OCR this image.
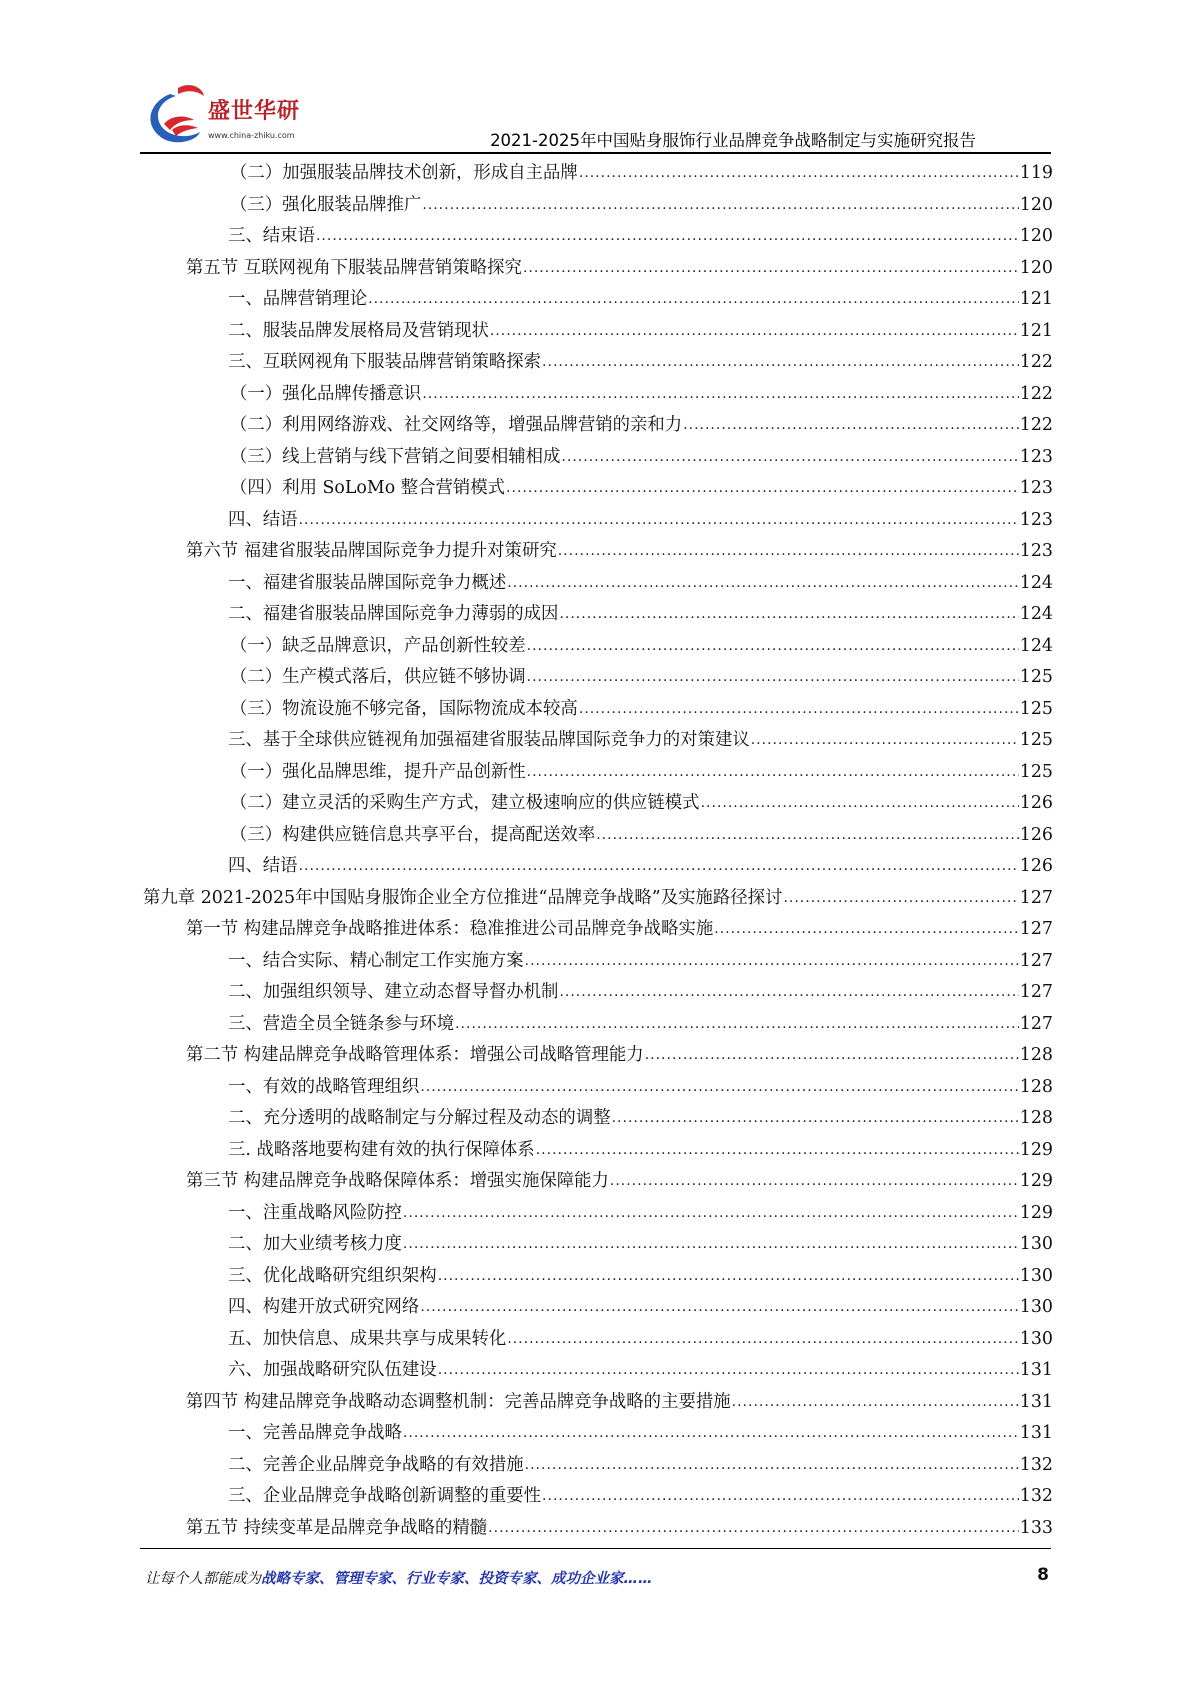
盛世华研
www.china-zhiku.com	2021-2025年中国贴身服饰行业品牌竞争战略制定与实施研究报告
（二）加强服装品牌技术创新，形成自主品牌 .....	119
（三）强化服装品牌推广 .....	120
三、结束语 .....	120
第五节 互联网视角下服装品牌营销策略探究 .....	120
一、品牌营销理论 .....	121
二、服装品牌发展格局及营销现状 .....	121
三、互联网视角下服装品牌营销策略探索 .....	122
（一）强化品牌传播意识 .....	122
（二）利用网络游戏、社交网络等，增强品牌营销的亲和力 .....	122
（三）线上营销与线下营销之间要相辅相成 .....	123
（四）利用 SoLoMo 整合营销模式 .....	123
四、结语 .....	123
第六节 福建省服装品牌国际竞争力提升对策研究 .....	123
一、福建省服装品牌国际竞争力概述 .....	124
二、福建省服装品牌国际竞争力薄弱的成因 .....	124
（一）缺乏品牌意识，产品创新性较差 .....	124
（二）生产模式落后，供应链不够协调 .....	125
（三）物流设施不够完备，国际物流成本较高 .....	125
三、基于全球供应链视角加强福建省服装品牌国际竞争力的对策建议 .....	125
（一）强化品牌思维，提升产品创新性 .....	125
（二）建立灵活的采购生产方式，建立极速响应的供应链模式 .....	126
（三）构建供应链信息共享平台，提高配送效率 .....	126
四、结语 .....	126
第九章 2021-2025年中国贴身服饰企业全方位推进“品牌竞争战略”及实施路径探讨 .....	127
第一节 构建品牌竞争战略推进体系：稳准推进公司品牌竞争战略实施 .....	127
一、结合实际、精心制定工作实施方案 .....	127
二、加强组织领导、建立动态督导督办机制 .....	127
三、营造全员全链条参与环境 .....	127
第二节 构建品牌竞争战略管理体系：增强公司战略管理能力 .....	128
一、有效的战略管理组织 .....	128
二、充分透明的战略制定与分解过程及动态的调整 .....	128
三. 战略落地要构建有效的执行保障体系 .....	129
第三节 构建品牌竞争战略保障体系：增强实施保障能力 .....	129
一、注重战略风险防控 .....	129
二、加大业绩考核力度 .....	130
三、优化战略研究组织架构 .....	130
四、构建开放式研究网络 .....	130
五、加快信息、成果共享与成果转化 .....	130
六、加强战略研究队伍建设 .....	131
第四节 构建品牌竞争战略动态调整机制：完善品牌竞争战略的主要措施 .....	131
一、完善品牌竞争战略 .....	131
二、完善企业品牌竞争战略的有效措施 .....	132
三、企业品牌竞争战略创新调整的重要性 .....	132
第五节 持续变革是品牌竞争战略的精髓 .....	133
让每个人都能成为战略专家、管理专家、行业专家、投资专家、成功企业家……	8
